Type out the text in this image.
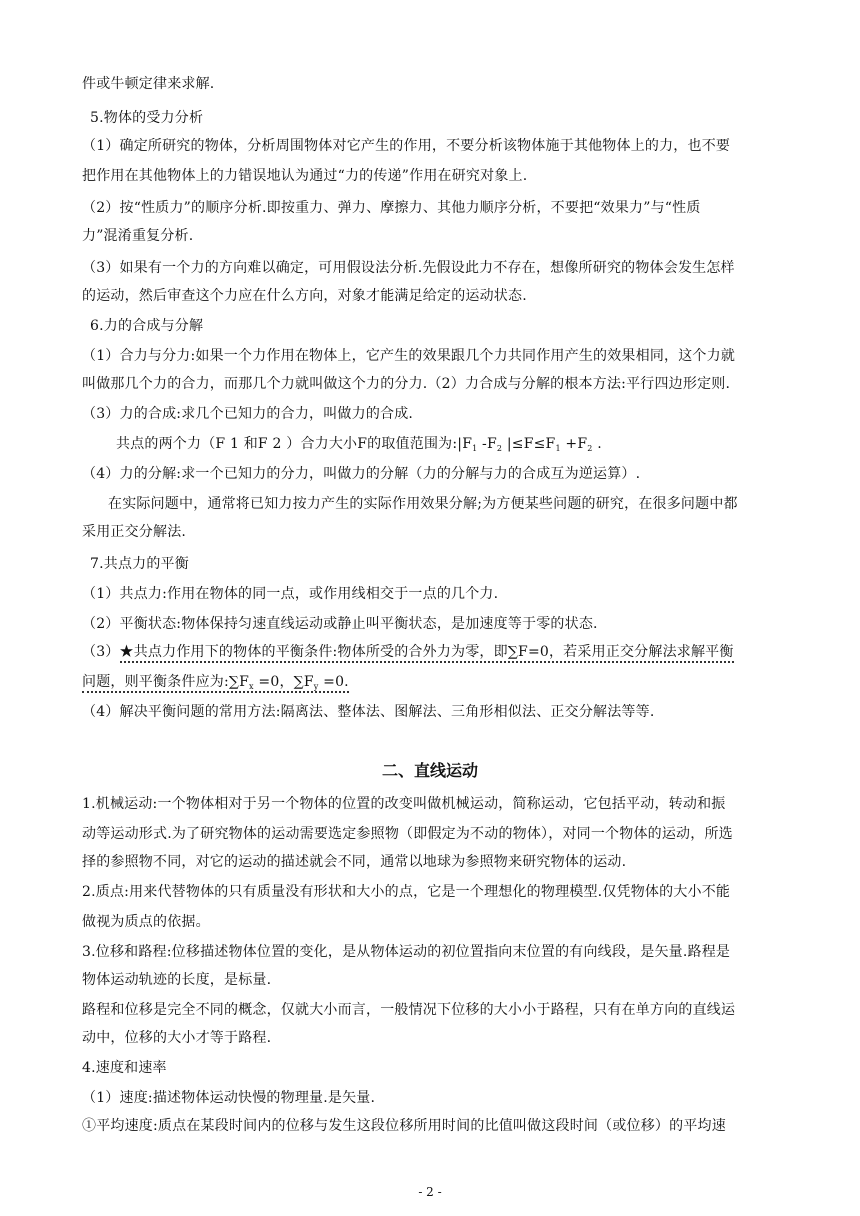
件或牛顿定律来求解.
5.物体的受力分析
（1）确定所研究的物体，分析周围物体对它产生的作用，不要分析该物体施于其他物体上的力，也不要
把作用在其他物体上的力错误地认为通过“力的传递”作用在研究对象上.
（2）按“性质力”的顺序分析.即按重力、弹力、摩擦力、其他力顺序分析，不要把“效果力”与“性质
力”混淆重复分析.
（3）如果有一个力的方向难以确定，可用假设法分析.先假设此力不存在，想像所研究的物体会发生怎样
的运动，然后审查这个力应在什么方向，对象才能满足给定的运动状态.
6.力的合成与分解
（1）合力与分力:如果一个力作用在物体上，它产生的效果跟几个力共同作用产生的效果相同，这个力就
叫做那几个力的合力，而那几个力就叫做这个力的分力.（2）力合成与分解的根本方法:平行四边形定则.
（3）力的合成:求几个已知力的合力，叫做力的合成.
共点的两个力（F 1 和F 2 ）合力大小F的取值范围为$:|F_1$ $-F_2$ $|\le F\le F_1 +F_2$ .
（4）力的分解:求一个已知力的分力，叫做力的分解（力的分解与力的合成互为逆运算）.
在实际问题中，通常将已知力按力产生的实际作用效果分解;为方便某些问题的研究，在很多问题中都
采用正交分解法.
7.共点力的平衡
（1）共点力:作用在物体的同一点，或作用线相交于一点的几个力.
（2）平衡状态:物体保持匀速直线运动或静止叫平衡状态，是加速度等于零的状态.
（3）★共点力作用下的物体的平衡条件:物体所受的合外力为零，即∑F=0，若采用正交分解法求解平衡
问题，则平衡条件应为$:\sum F_x =0$，$\sum F_y =0$.
（4）解决平衡问题的常用方法:隔离法、整体法、图解法、三角形相似法、正交分解法等等.
二、直线运动
1.机械运动:一个物体相对于另一个物体的位置的改变叫做机械运动，简称运动，它包括平动，转动和振
动等运动形式.为了研究物体的运动需要选定参照物（即假定为不动的物体），对同一个物体的运动，所选
择的参照物不同，对它的运动的描述就会不同，通常以地球为参照物来研究物体的运动.
2.质点:用来代替物体的只有质量没有形状和大小的点，它是一个理想化的物理模型.仅凭物体的大小不能
做视为质点的依据。
3.位移和路程:位移描述物体位置的变化，是从物体运动的初位置指向末位置的有向线段，是矢量.路程是
物体运动轨迹的长度，是标量.
路程和位移是完全不同的概念，仅就大小而言，一般情况下位移的大小小于路程，只有在单方向的直线运
动中，位移的大小才等于路程.
4.速度和速率
（1）速度:描述物体运动快慢的物理量.是矢量.
①平均速度:质点在某段时间内的位移与发生这段位移所用时间的比值叫做这段时间（或位移）的平均速
- 2 -
